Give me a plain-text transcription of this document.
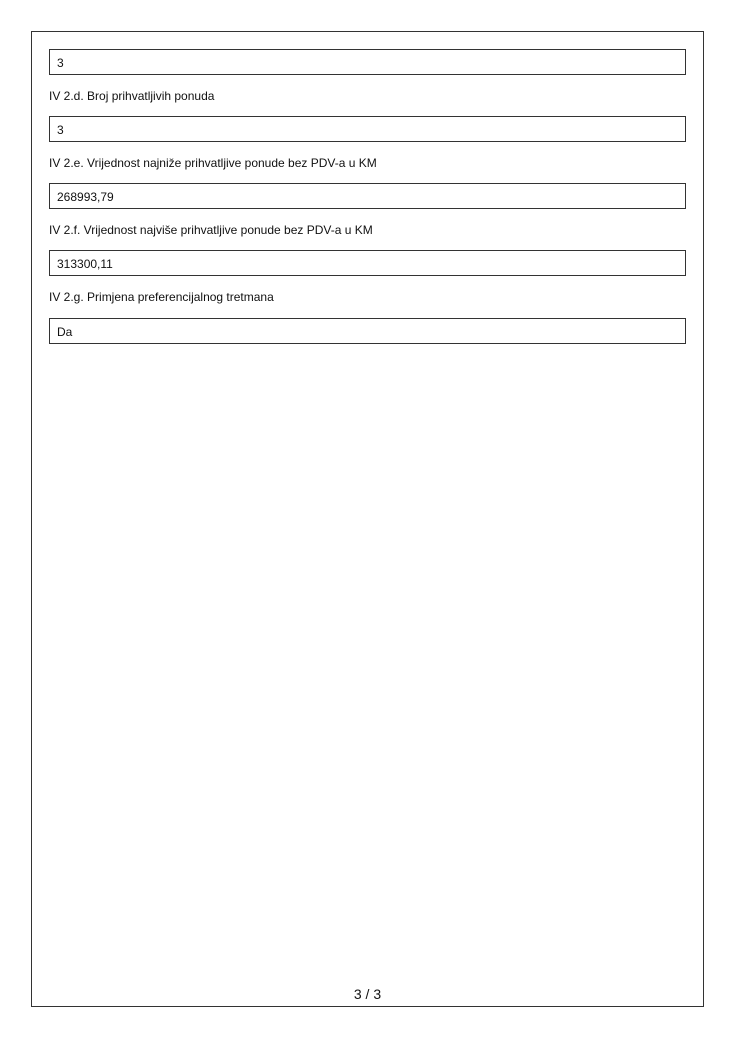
3
IV 2.d. Broj prihvatljivih ponuda
3
IV 2.e. Vrijednost najniže prihvatljive ponude bez PDV-a u KM
268993,79
IV 2.f. Vrijednost najviše prihvatljive ponude bez PDV-a u KM
313300,11
IV 2.g. Primjena preferencijalnog tretmana
Da
3 / 3
